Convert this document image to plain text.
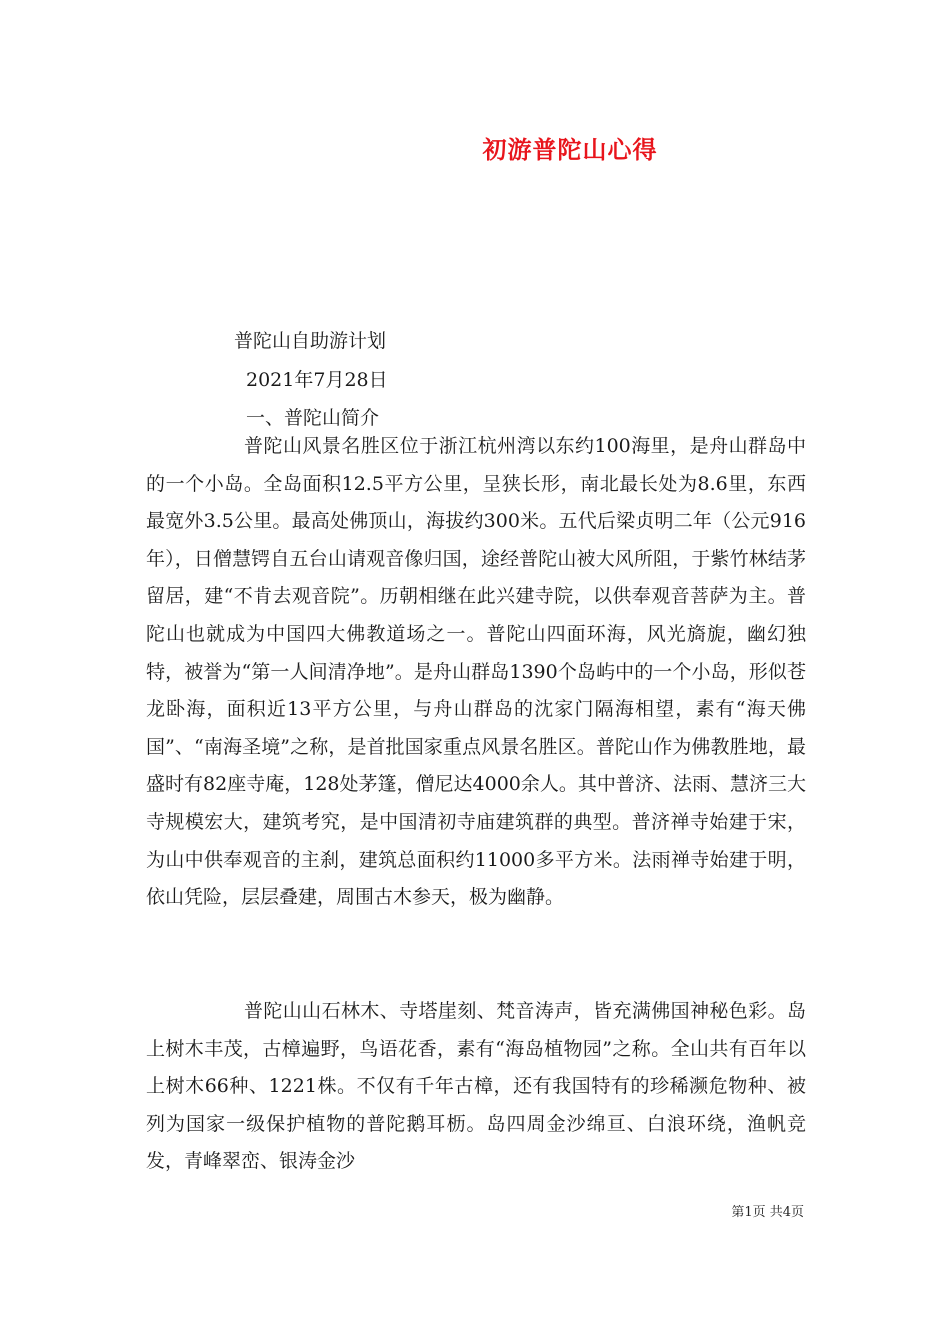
初游普陀山心得
普陀山自助游计划
2021年7月28日
一、普陀山简介

普陀山风景名胜区位于浙江杭州湾以东约100海里，是舟山群岛中的一个小岛。全岛面积12.5平方公里，呈狭长形，南北最长处为8.6里，东西最宽外3.5公里。最高处佛顶山，海拔约300米。五代后梁贞明二年（公元916年），日僧慧锷自五台山请观音像归国，途经普陀山被大风所阻，于紫竹林结茅留居，建“不肯去观音院”。历朝相继在此兴建寺院，以供奉观音菩萨为主。普陀山也就成为中国四大佛教道场之一。普陀山四面环海，风光旖旎，幽幻独特，被誉为“第一人间清净地”。是舟山群岛1390个岛屿中的一个小岛，形似苍龙卧海，面积近13平方公里，与舟山群岛的沈家门隔海相望，素有“海天佛国”、“南海圣境”之称，是首批国家重点风景名胜区。普陀山作为佛教胜地，最盛时有82座寺庵，128处茅篷，僧尼达4000余人。其中普济、法雨、慧济三大寺规模宏大，建筑考究，是中国清初寺庙建筑群的典型。普济禅寺始建于宋，为山中供奉观音的主刹，建筑总面积约11000多平方米。法雨禅寺始建于明，依山凭险，层层叠建，周围古木参天，极为幽静。

普陀山山石林木、寺塔崖刻、梵音涛声，皆充满佛国神秘色彩。岛上树木丰茂，古樟遍野，鸟语花香，素有“海岛植物园”之称。全山共有百年以上树木66种、1221株。不仅有千年古樟，还有我国特有的珍稀濒危物种、被列为国家一级保护植物的普陀鹅耳枥。岛四周金沙绵亘、白浪环绕，渔帆竞发，青峰翠峦、银涛金沙

第1页 共4页
